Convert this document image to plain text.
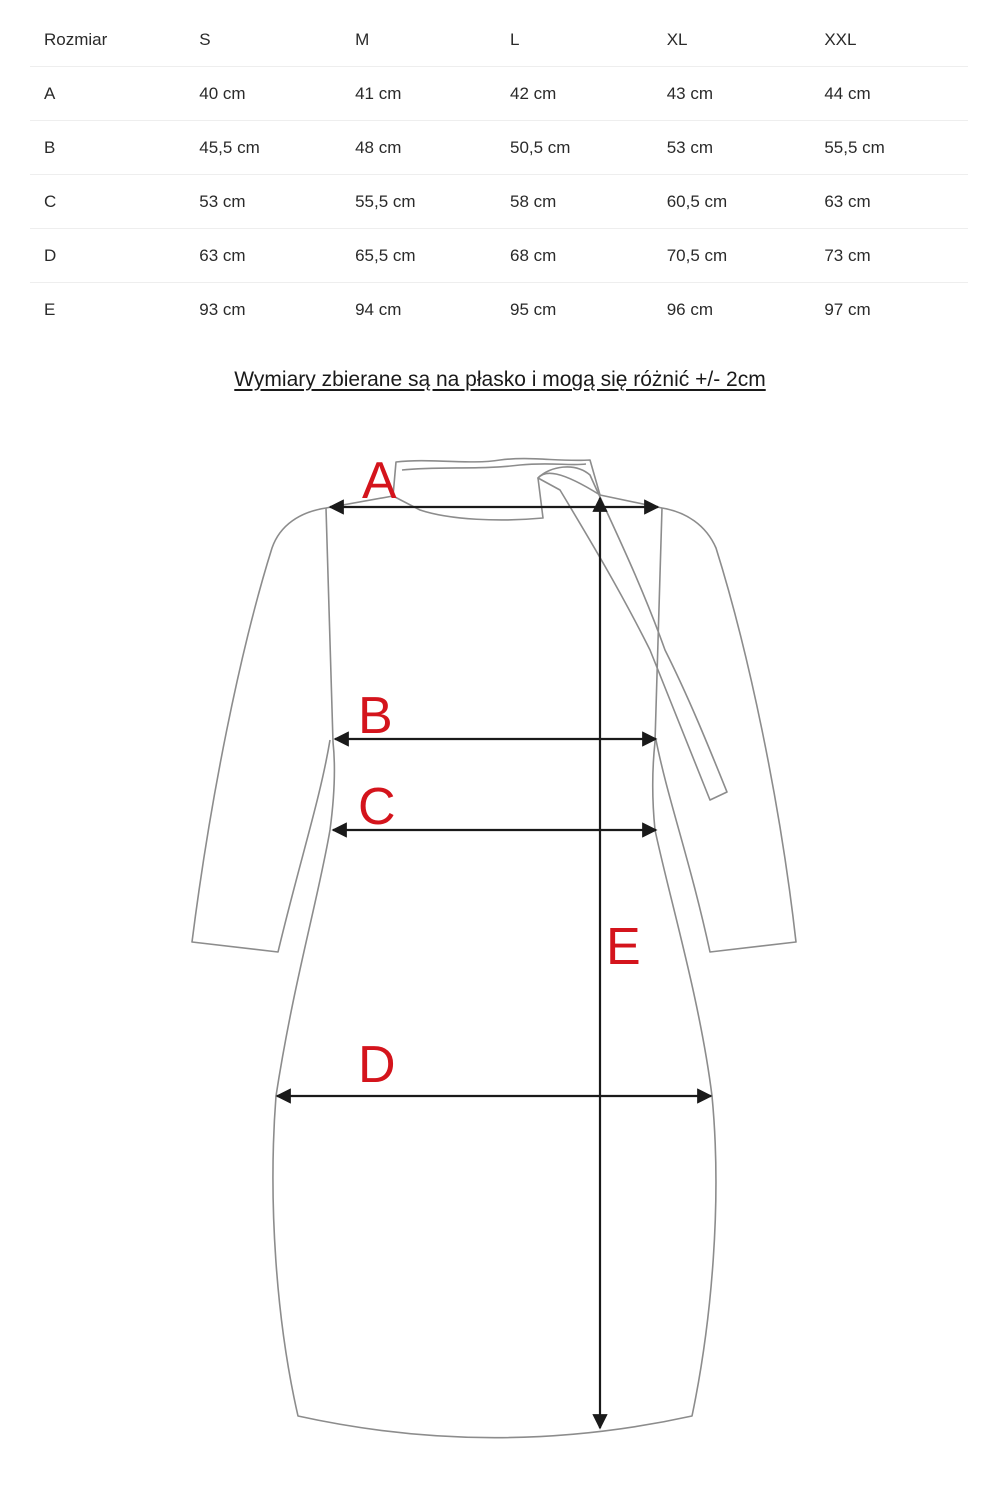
Rozmiar	S	M	L	XL	XXL
A	40 cm	41 cm	42 cm	43 cm	44 cm
B	45,5 cm	48 cm	50,5 cm	53 cm	55,5 cm
C	53 cm	55,5 cm	58 cm	60,5 cm	63 cm
D	63 cm	65,5 cm	68 cm	70,5 cm	73 cm
E	93 cm	94 cm	95 cm	96 cm	97 cm
Wymiary zbierane są na płasko i mogą się różnić +/- 2cm
A
B
C
D
E
